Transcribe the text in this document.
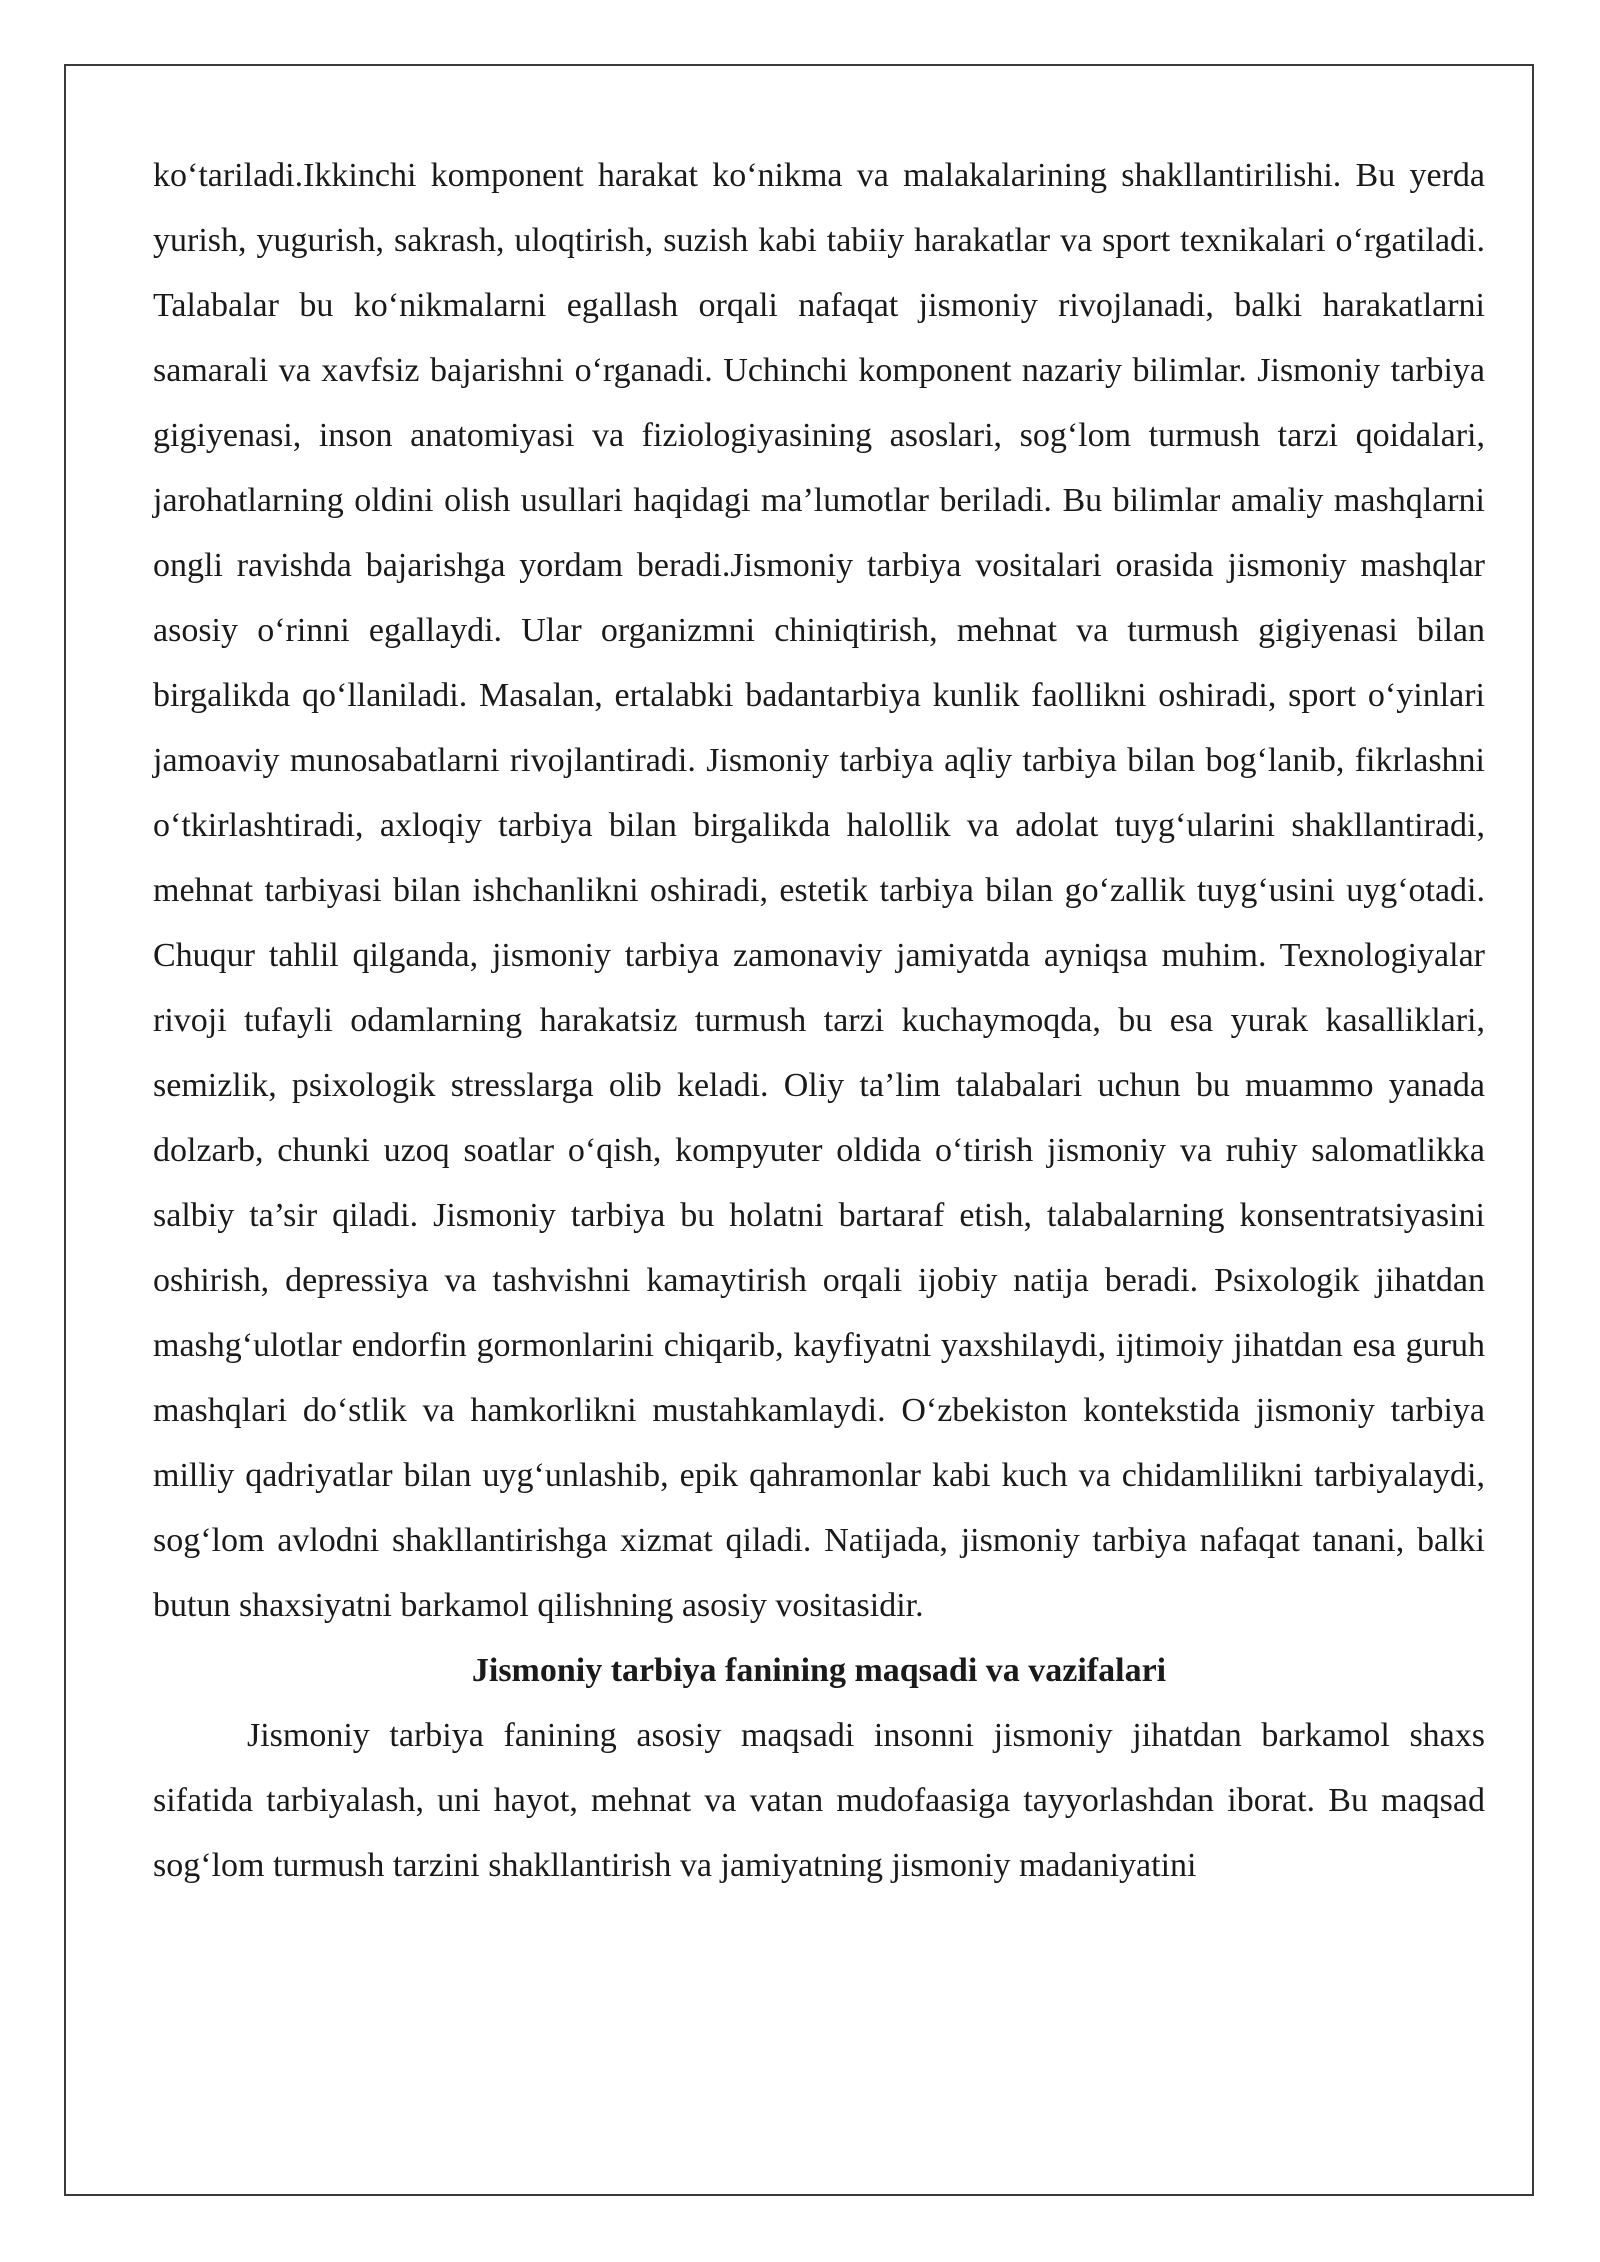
ko‘tariladi.Ikkinchi komponent harakat ko‘nikma va malakalarining shakllantirilishi. Bu yerda yurish, yugurish, sakrash, uloqtirish, suzish kabi tabiiy harakatlar va sport texnikalari o‘rgatiladi. Talabalar bu ko‘nikmalarni egallash orqali nafaqat jismoniy rivojlanadi, balki harakatlarni samarali va xavfsiz bajarishni o‘rganadi. Uchinchi komponent nazariy bilimlar. Jismoniy tarbiya gigiyenasi, inson anatomiyasi va fiziologiyasining asoslari, sog‘lom turmush tarzi qoidalari, jarohatlarning oldini olish usullari haqidagi ma’lumotlar beriladi. Bu bilimlar amaliy mashqlarni ongli ravishda bajarishga yordam beradi.Jismoniy tarbiya vositalari orasida jismoniy mashqlar asosiy o‘rinni egallaydi. Ular organizmni chiniqtirish, mehnat va turmush gigiyenasi bilan birgalikda qo‘llaniladi. Masalan, ertalabki badantarbiya kunlik faollikni oshiradi, sport o‘yinlari jamoaviy munosabatlarni rivojlantiradi. Jismoniy tarbiya aqliy tarbiya bilan bog‘lanib, fikrlashni o‘tkirlashtiradi, axloqiy tarbiya bilan birgalikda halollik va adolat tuyg‘ularini shakllantiradi, mehnat tarbiyasi bilan ishchanlikni oshiradi, estetik tarbiya bilan go‘zallik tuyg‘usini uyg‘otadi. Chuqur tahlil qilganda, jismoniy tarbiya zamonaviy jamiyatda ayniqsa muhim. Texnologiyalar rivoji tufayli odamlarning harakatsiz turmush tarzi kuchaymoqda, bu esa yurak kasalliklari, semizlik, psixologik stresslarga olib keladi. Oliy ta’lim talabalari uchun bu muammo yanada dolzarb, chunki uzoq soatlar o‘qish, kompyuter oldida o‘tirish jismoniy va ruhiy salomatlikka salbiy ta’sir qiladi. Jismoniy tarbiya bu holatni bartaraf etish, talabalarning konsentratsiyasini oshirish, depressiya va tashvishni kamaytirish orqali ijobiy natija beradi. Psixologik jihatdan mashg‘ulotlar endorfin gormonlarini chiqarib, kayfiyatni yaxshilaydi, ijtimoiy jihatdan esa guruh mashqlari do‘stlik va hamkorlikni mustahkamlaydi. O‘zbekiston kontekstida jismoniy tarbiya milliy qadriyatlar bilan uyg‘unlashib, epik qahramonlar kabi kuch va chidamlilikni tarbiyalaydi, sog‘lom avlodni shakllantirishga xizmat qiladi. Natijada, jismoniy tarbiya nafaqat tanani, balki butun shaxsiyatni barkamol qilishning asosiy vositasidir.

Jismoniy tarbiya fanining maqsadi va vazifalari

Jismoniy tarbiya fanining asosiy maqsadi insonni jismoniy jihatdan barkamol shaxs sifatida tarbiyalash, uni hayot, mehnat va vatan mudofaasiga tayyorlashdan iborat. Bu maqsad sog‘lom turmush tarzini shakllantirish va jamiyatning jismoniy madaniyatini
